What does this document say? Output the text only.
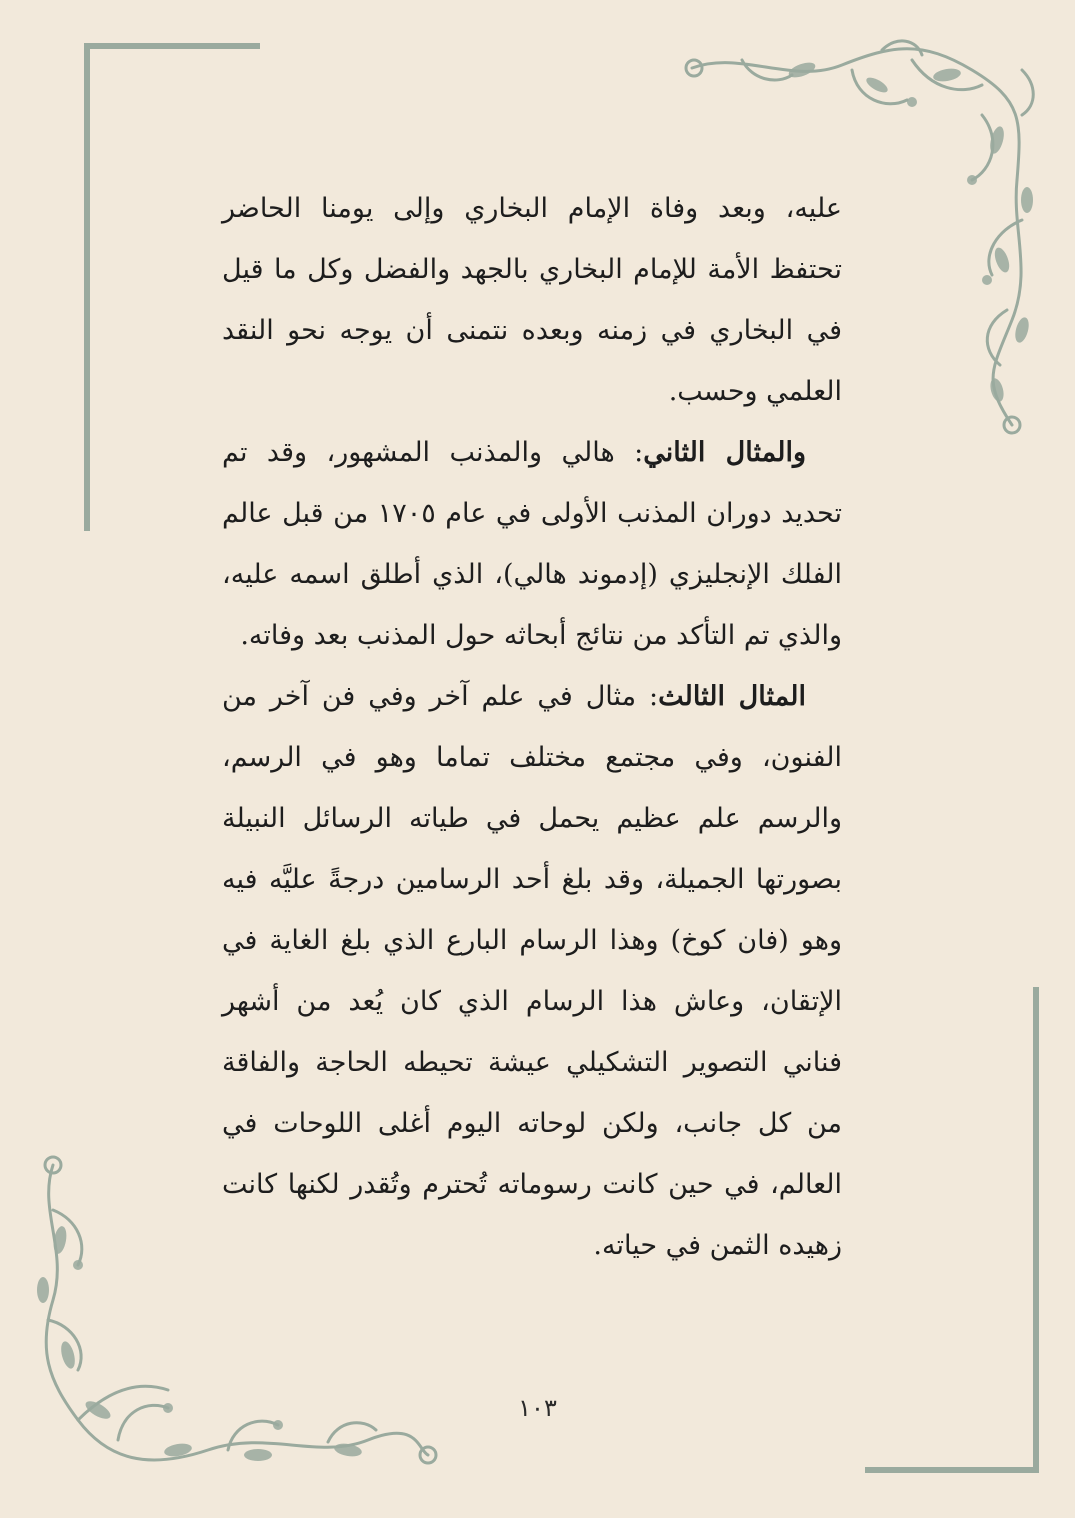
عليه، وبعد وفاة الإمام البخاري وإلى يومنا الحاضر تحتفظ الأمة للإمام البخاري بالجهد والفضل وكل ما قيل في البخاري في زمنه وبعده نتمنى أن يوجه نحو النقد العلمي وحسب.

والمثال الثاني: هالي والمذنب المشهور، وقد تم تحديد دوران المذنب الأولى في عام ١٧٠٥ من قبل عالم الفلك الإنجليزي (إدموند هالي)، الذي أطلق اسمه عليه، والذي تم التأكد من نتائج أبحاثه حول المذنب بعد وفاته.

المثال الثالث: مثال في علم آخر وفي فن آخر من الفنون، وفي مجتمع مختلف تماما وهو في الرسم، والرسم علم عظيم يحمل في طياته الرسائل النبيلة بصورتها الجميلة، وقد بلغ أحد الرسامين درجةً عليَّه فيه وهو (فان كوخ) وهذا الرسام البارع الذي بلغ الغاية في الإتقان، وعاش هذا الرسام الذي كان يُعد من أشهر فناني التصوير التشكيلي عيشة تحيطه الحاجة والفاقة من كل جانب، ولكن لوحاته اليوم أغلى اللوحات في العالم، في حين كانت رسوماته تُحترم وتُقدر لكنها كانت زهيده الثمن في حياته.

١٠٣
